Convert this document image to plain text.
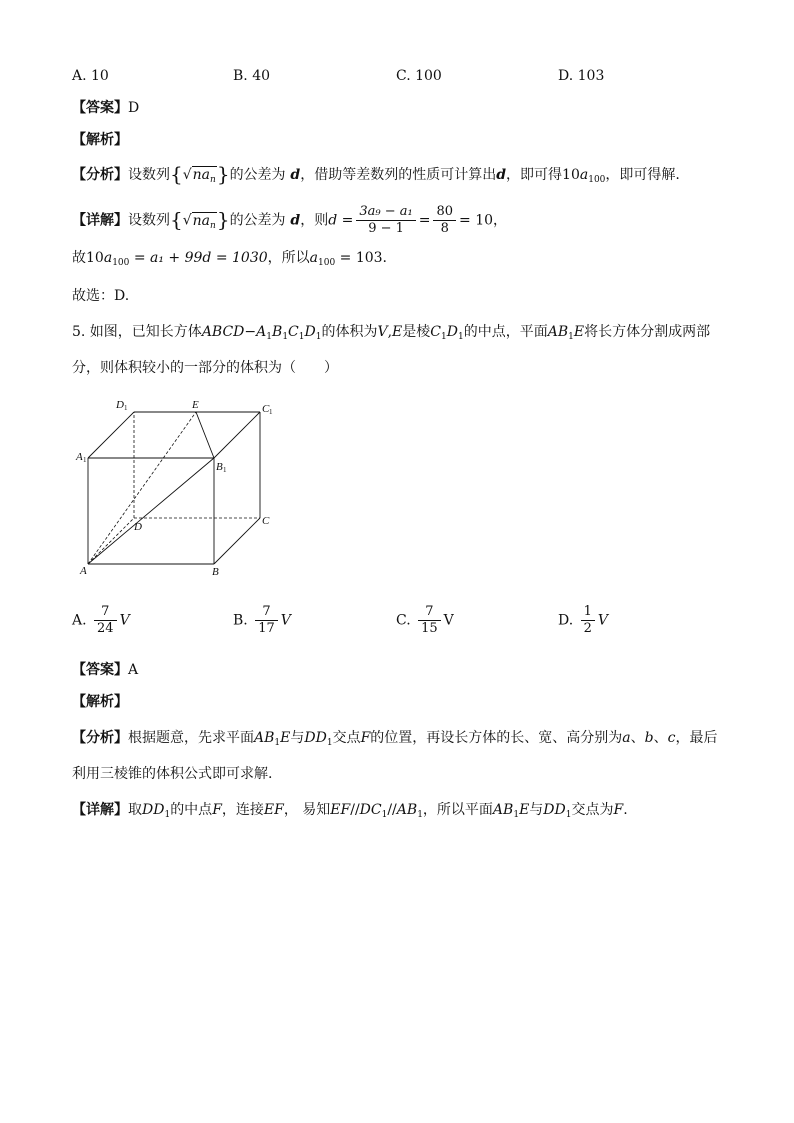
A. 10	B. 40	C. 100	D. 103
【答案】D
【解析】
【分析】设数列$\{√na_n\}$的公差为 d，借助等差数列的性质可计算出d，即可得$10a_{100}$，即可得解.
【详解】设数列$\{√na_n\}$的公差为 d，则$d = \frac{\text{3a₉ − a₁}}{9 - 1} = \frac{80}{8} = 10$，
故$10a_{100} = a_1 + 99d = 1030$，所以$a_{100} = 103$.
故选：D.
5. 如图，已知长方体$ABCD-A_1B_1C_1D_1$的体积为V,E是棱$C_1D_1$的中点，平面$AB_1E$将长方体分割成两部
分，则体积较小的一部分的体积为（　　）
D 1	E	C 1
A 1
B 1
D	C
A	B
A. $\frac{7}{24}$ V	B. $\frac{7}{17}$ V	C. $\frac{7}{15}$ V	D. $\frac{1}{2}$ V
【答案】A
【解析】
【分析】根据题意，先求平面$AB_1E$与$DD_1$交点F的位置，再设长方体的长、宽、高分别为a、b、c，最后
利用三棱锥的体积公式即可求解.
【详解】取$DD_1$的中点F，连接EF， 易知$EF//DC_1//AB_1$，所以平面$AB_1E$与$DD_1$交点为F.
